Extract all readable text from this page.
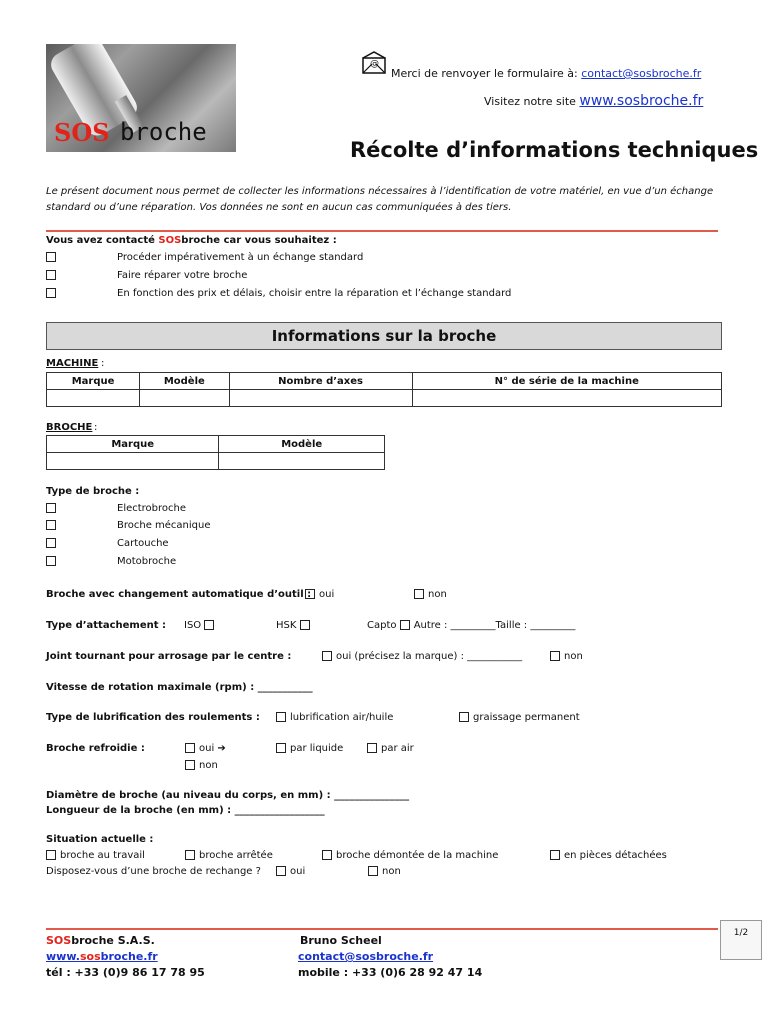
SOS broche
@
Merci de renvoyer le formulaire à: contact@sosbroche.fr
Visitez notre site www.sosbroche.fr
Récolte d’informations techniques
Le présent document nous permet de collecter les informations nécessaires à l’identification de votre matériel, en vue d’un échange standard ou d’une réparation. Vos données ne sont en aucun cas communiquées à des tiers.
Vous avez contacté SOSbroche car vous souhaitez :
Procéder impérativement à un échange standard
Faire réparer votre broche
En fonction des prix et délais, choisir entre la réparation et l’échange standard
Informations sur la broche
MACHINE :
Marque	Modèle	Nombre d’axes	N° de série de la machine

BROCHE :
Marque	Modèle

Type de broche :
Electrobroche
Broche mécanique
Cartouche
Motobroche
Broche avec changement automatique d’outil : oui	non
Type d’attachement : ISO	HSK	Capto Autre : _________Taille : _________
Joint tournant pour arrosage par le centre :	oui (précisez la marque) : ___________	non
Vitesse de rotation maximale (rpm) : ___________
Type de lubrification des roulements :	lubrification air/huile	graissage permanent
Broche refroidie :	oui ➔	par liquide	par air
non
Diamètre de broche (au niveau du corps, en mm) : _______________
Longueur de la broche (en mm) : __________________
Situation actuelle :
broche au travail	broche arrêtée	broche démontée de la machine	en pièces détachées
Disposez-vous d’une broche de rechange ?	oui	non
1/2
SOSbroche S.A.S.
www.sosbroche.fr
tél : +33 (0)9 86 17 78 95
Bruno Scheel
contact@sosbroche.fr
mobile : +33 (0)6 28 92 47 14
